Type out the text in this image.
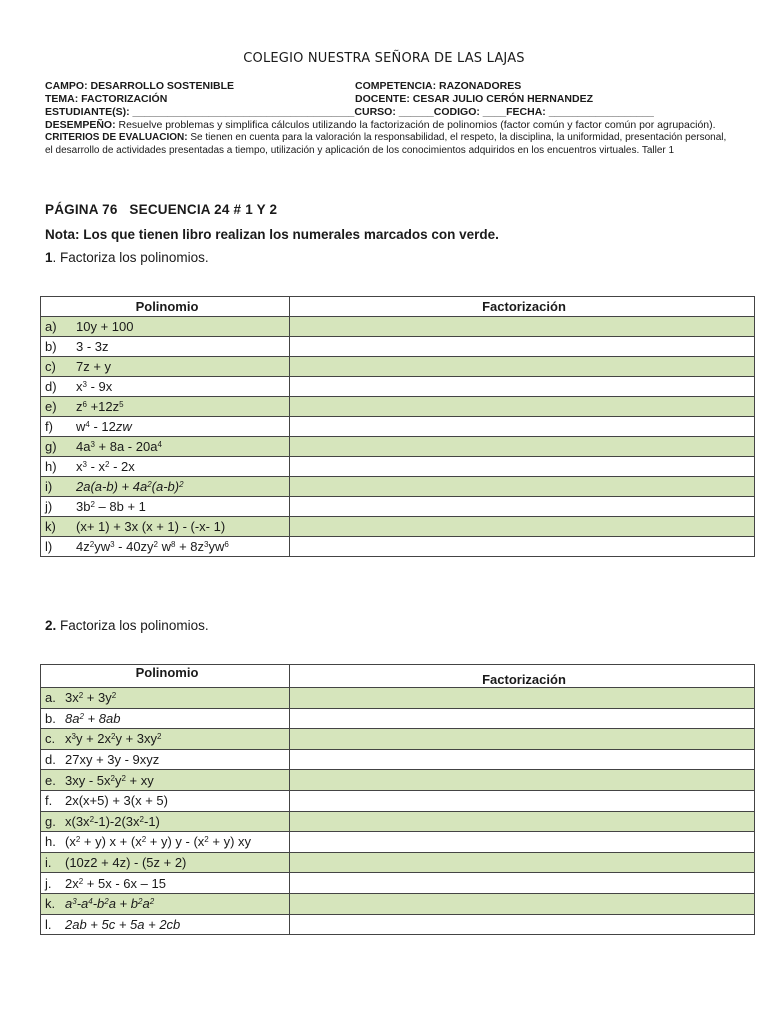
COLEGIO NUESTRA SEÑORA DE LAS LAJAS
CAMPO: DESARROLLO SOSTENIBLE	COMPETENCIA: RAZONADORES
TEMA: FACTORIZACIÓN	DOCENTE: CESAR JULIO CERÓN HERNANDEZ
ESTUDIANTE(S): ______________________________________CURSO: ______CODIGO: ____FECHA: __________________
DESEMPEÑO: Resuelve problemas y simplifica cálculos utilizando la factorización de polinomios (factor común y factor común por agrupación).
CRITERIOS DE EVALUACION: Se tienen en cuenta para la valoración la responsabilidad, el respeto, la disciplina, la uniformidad, presentación personal, el desarrollo de actividades presentadas a tiempo, utilización y aplicación de los conocimientos adquiridos en los encuentros virtuales. Taller 1
PÁGINA 76   SECUENCIA 24 # 1 Y 2
Nota: Los que tienen libro realizan los numerales marcados con verde.
1. Factoriza los polinomios.
Polinomio	Factorización
a) 10y + 100	
b) 3 - 3z	
c) 7z + y	
d) $x^3 - 9x$	
e) $z^6 +12z^5$	
f) $w^4 - 12zw$	
g) $4a^3 + 8a - 20a^4$	
h) $x^3 - x^2 - 2x$	
i) $2a(a-b) + 4a^2(a-b)^2$	
j) $3b^2 - 8b + 1$	
k) (x+ 1) + 3x (x + 1) - (-x- 1)	
l) $4z^2yw^3 - 40zy^2$ $w^8 + 8z^3yw^6$	
2. Factoriza los polinomios.
Polinomio	Factorización
a. $3x^2 + 3y^2$	
b. $8a^2 + 8ab$	
c. $x^3y + 2x^2y + 3xy^2$	
d. 27xy + 3y - 9xyz	
e. $3xy - 5x^2y^2$ + xy	
f. 2x(x+5) + 3(x + 5)	
g. $x(3x^2-1)-2(3x^2-1)$	
h. $(x^2 + y) x + (x^2 + y)$ $y - (x^2 + y)$ xy	
i. (10z2 + 4z) - (5z + 2)	
j. $2x^2 + 5x - 6x - 15$	
k. $a^3-a^4-b^2a + b^2a^2$	
l. 2ab + 5c + 5a + 2cb	
